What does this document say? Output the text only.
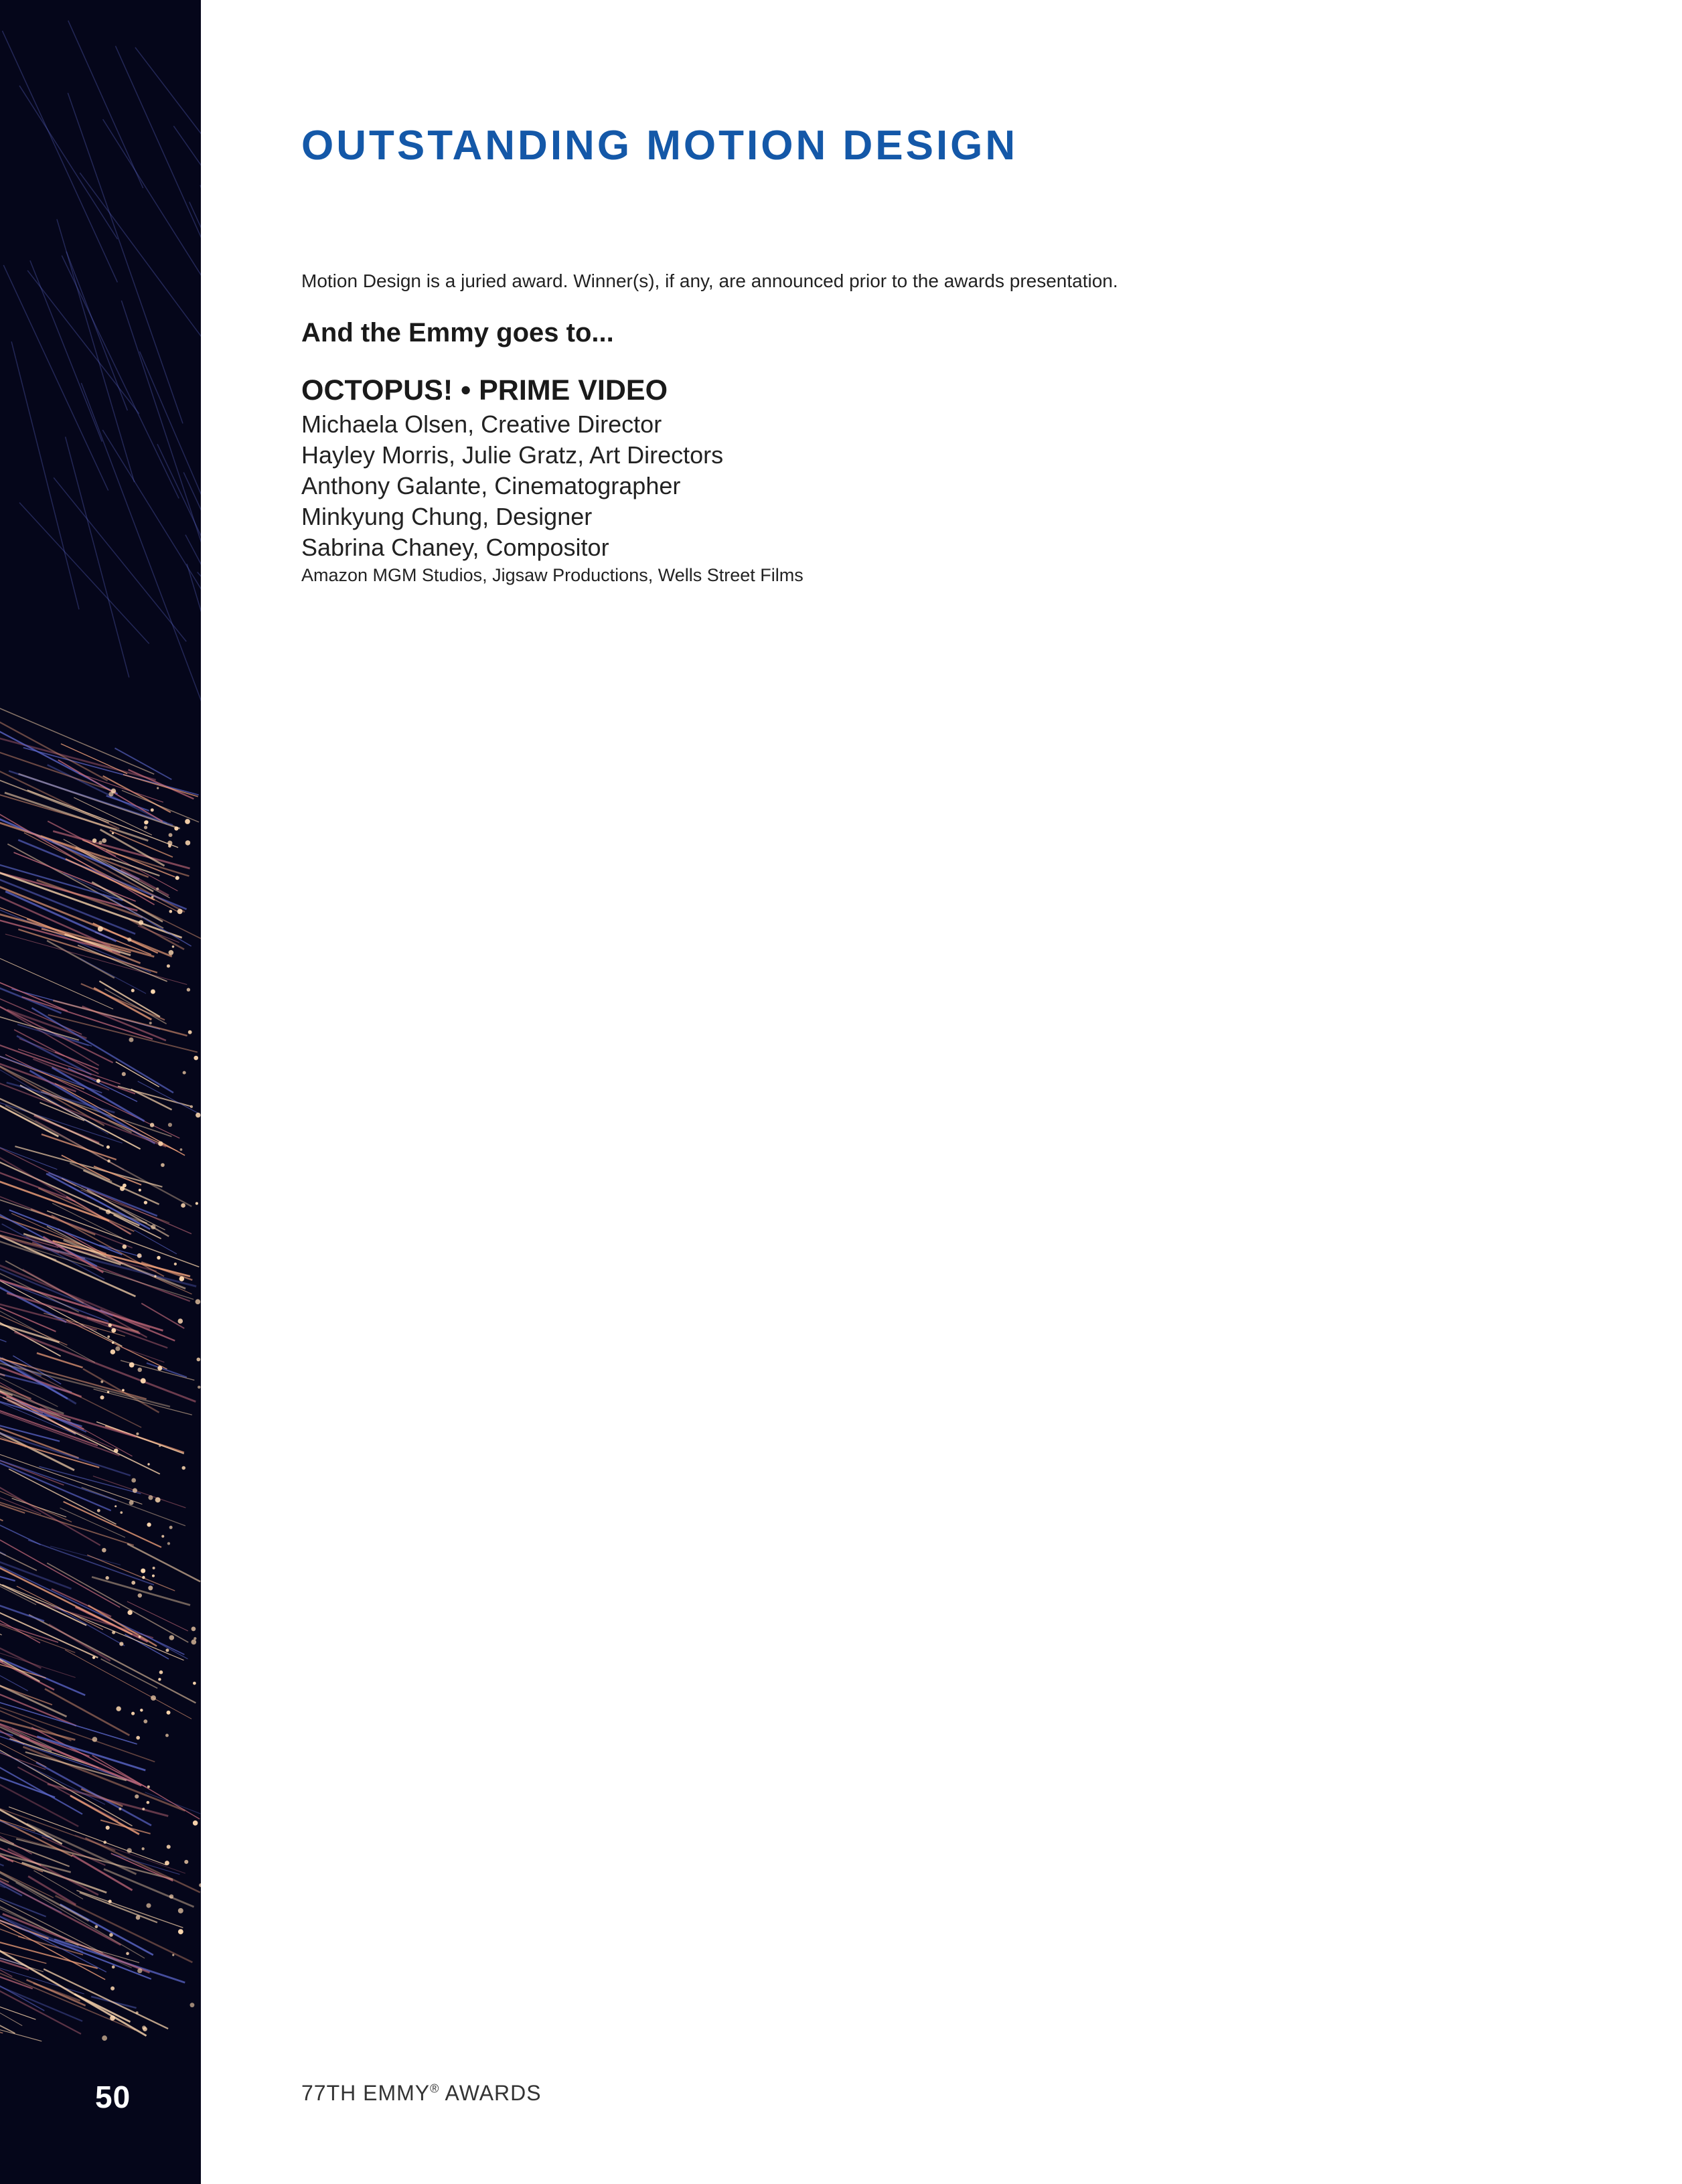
50
OUTSTANDING MOTION DESIGN
Motion Design is a juried award. Winner(s), if any, are announced prior to the awards presentation.
And the Emmy goes to...
OCTOPUS! • PRIME VIDEO
Michaela Olsen, Creative Director
Hayley Morris, Julie Gratz, Art Directors
Anthony Galante, Cinematographer
Minkyung Chung, Designer
Sabrina Chaney, Compositor
Amazon MGM Studios, Jigsaw Productions, Wells Street Films
77TH EMMY® AWARDS
